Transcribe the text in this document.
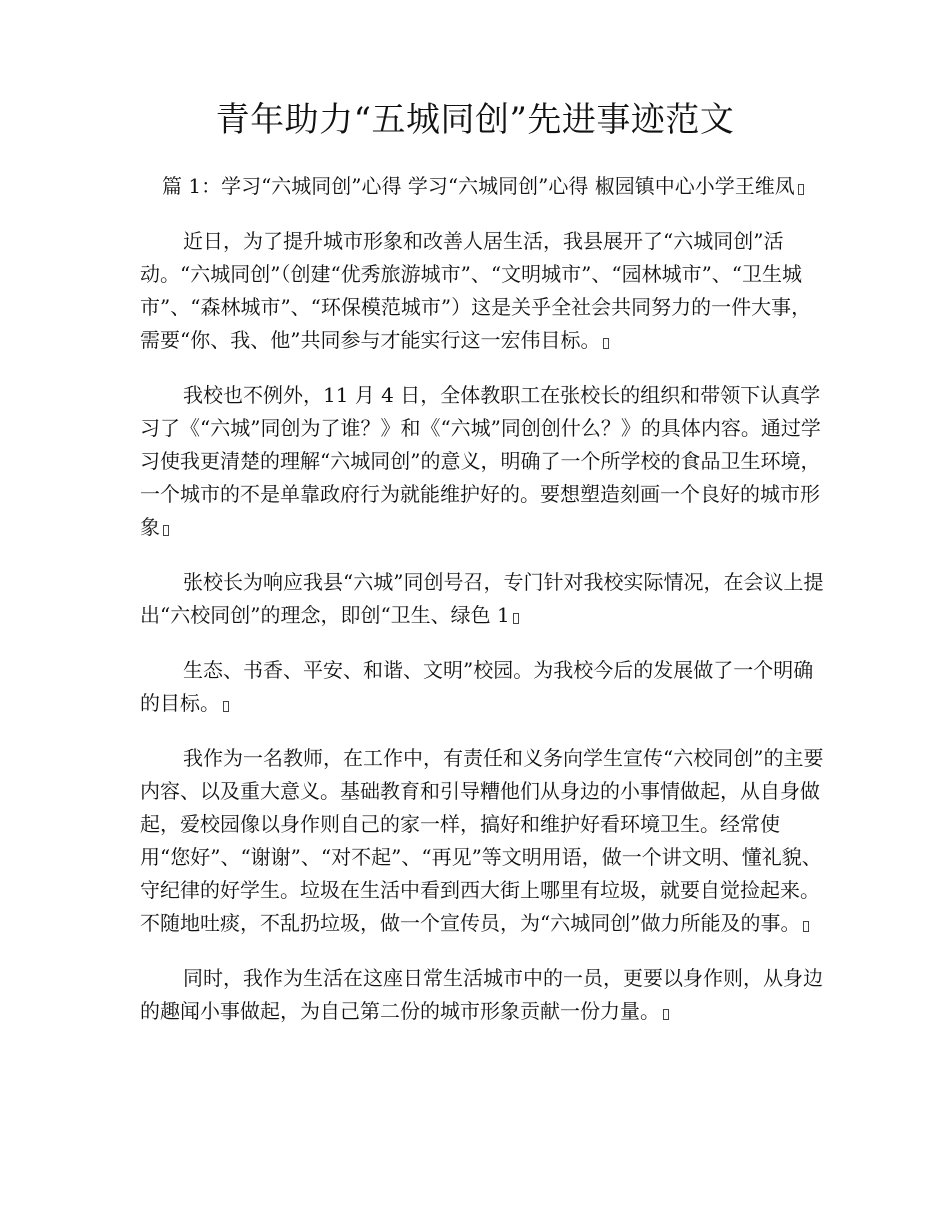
青年助力“五城同创”先进事迹范文

篇 1：学习“六城同创”心得 学习“六城同创”心得 椒园镇中心小学王维凤

近日，为了提升城市形象和改善人居生活，我县展开了“六城同创”活动。“六城同创”（创建“优秀旅游城市”、“文明城市”、“园林城市”、“卫生城市”、“森林城市”、“环保模范城市”）这是关乎全社会共同努力的一件大事，需要“你、我、他”共同参与才能实行这一宏伟目标。

我校也不例外，11 月 4 日，全体教职工在张校长的组织和带领下认真学习了《“六城”同创为了谁？》和《“六城”同创创什么？》的具体内容。通过学习使我更清楚的理解“六城同创”的意义，明确了一个所学校的食品卫生环境，一个城市的不是单靠政府行为就能维护好的。要想塑造刻画一个良好的城市形象

张校长为响应我县“六城”同创号召，专门针对我校实际情况，在会议上提出“六校同创”的理念，即创“卫生、绿色 1

生态、书香、平安、和谐、文明”校园。为我校今后的发展做了一个明确的目标。

我作为一名教师，在工作中，有责任和义务向学生宣传“六校同创”的主要内容、以及重大意义。基础教育和引导糟他们从身边的小事情做起，从自身做起，爱校园像以身作则自己的家一样，搞好和维护好看环境卫生。经常使用“您好”、“谢谢”、“对不起”、“再见”等文明用语，做一个讲文明、懂礼貌、守纪律的好学生。垃圾在生活中看到西大街上哪里有垃圾，就要自觉捡起来。不随地吐痰，不乱扔垃圾，做一个宣传员，为“六城同创”做力所能及的事。

同时，我作为生活在这座日常生活城市中的一员，更要以身作则，从身边的趣闻小事做起，为自己第二份的城市形象贡献一份力量。
